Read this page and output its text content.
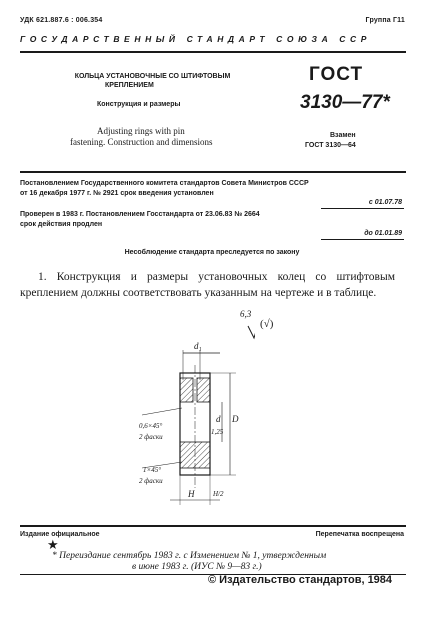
УДК 621.887.6 : 006.354	Группа Г11
ГОСУДАРСТВЕННЫЙ СТАНДАРТ СОЮЗА ССР
КОЛЬЦА УСТАНОВОЧНЫЕ СО ШТИФТОВЫМ
КРЕПЛЕНИЕМ
Конструкция и размеры
Adjusting rings with pin
fastening. Construction and dimensions
ГОСТ
3130—77*
Взамен
ГОСТ 3130—64
Постановлением Государственного комитета стандартов Совета Министров СССР
от 16 декабря 1977 г. № 2921 срок введения установлен
с 01.07.78
Проверен в 1983 г. Постановлением Госстандарта от 23.06.83 № 2664
срок действия продлен
до 01.01.89
Несоблюдение стандарта преследуется по закону
1. Конструкция и размеры установочных колец со штифтовым креплением должны соответствовать указанным на чертеже и в таблице.
6,3
(√)
d₁
d D
1,25
0,6×45°
2 фаски
1×45°
2 фаски
H	H/2
Издание официальное	Перепечатка воспрещена
★
* Переиздание сентябрь 1983 г. с Изменением № 1, утвержденным
в июне 1983 г. (ИУС № 9—83 г.)
© Издательство стандартов, 1984
